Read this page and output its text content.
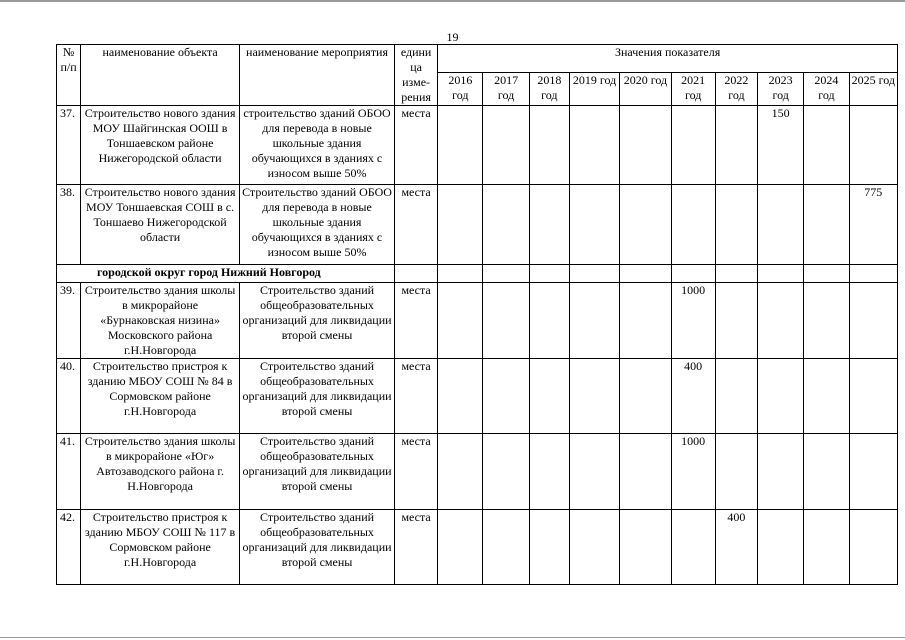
19
№ п/п	наименование объекта	наименование мероприятия	едини ца изме- рения	Значения показателя									
				2016 год	2017 год	2018 год	2019 год	2020 год	2021 год	2022 год	2023 год	2024 год	2025 год
37.	Строительство нового здания МОУ Шайгинская ООШ в Тоншаевском районе Нижегородской области	строительство зданий ОБОО для перевода в новые школьные здания обучающихся в зданиях с износом выше 50%	места								150		
38.	Строительство нового здания МОУ Тоншаевская СОШ в с. Тоншаево Нижегородской области	Строительство зданий ОБОО для перевода в новые школьные здания обучающихся в зданиях с износом выше 50%	места										775
городской округ город Нижний Новгород													
39.	Строительство здания школы в микрорайоне «Бурнаковская низина» Московского района г.Н.Новгорода	Строительство зданий общеобразовательных организаций для ликвидации второй смены	места						1000				
40.	Строительство пристроя к зданию МБОУ СОШ № 84 в Сормовском районе г.Н.Новгорода	Строительство зданий общеобразовательных организаций для ликвидации второй смены	места						400				
41.	Строительство здания школы в микрорайоне «Юг» Автозаводского района г. Н.Новгорода	Строительство зданий общеобразовательных организаций для ликвидации второй смены	места						1000				
42.	Строительство пристроя к зданию МБОУ СОШ № 117 в Сормовском районе г.Н.Новгорода	Строительство зданий общеобразовательных организаций для ликвидации второй смены	места							400			
